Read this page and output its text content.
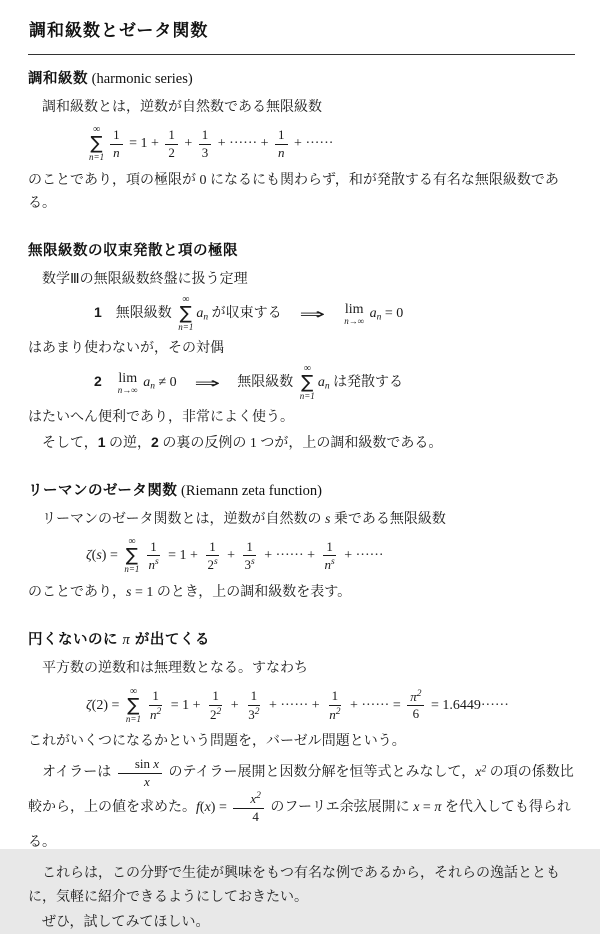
調和級数とゼータ関数
調和級数 (harmonic series)

調和級数とは，逆数が自然数である無限級数

∞
∑
$n=1 \frac{1}{n} = 1 + \frac{1}{2} + \frac{1}{3}$ + ······ + $\frac{1}{n}$ + ······

のことであり，項の極限が 0 になるにも関わらず，和が発散する有名な無限級数である。

無限級数の収束発散と項の極限

数学Ⅲの無限級数終盤に扱う定理

1　無限級数
∞
∑
n=1
an が収束する ⇒ lim
n→∞ an = 0

はあまり使わないが，その対偶

2　 lim
n→∞ an ≠ 0 ⇒ 無限級数
∞
∑
n=1
an は発散する

はたいへん便利であり，非常によく使う。

そして，1 の逆，2 の裏の反例の 1 つが，上の調和級数である。

リーマンのゼータ関数 (Riemann zeta function)

リーマンのゼータ関数とは，逆数が自然数の s 乗である無限級数

ζ(s) =
∞
∑
$n=1 \frac{1}{n^s} = 1 + \frac{1}{2^s} + \frac{1}{3^s}$ + ······ + $\frac{1}{n^s}$ + ······

のことであり，s = 1 のとき，上の調和級数を表す。

円くないのに π が出てくる

平方数の逆数和は無理数となる。すなわち

ζ(2) =
∞
∑
$n=1 \frac{1}{n^2} = 1 + \frac{1}{2^2} + \frac{1}{3^2}$ + ······ + $\frac{1}{n^2}$ + ······ = $\frac{\pi^2}{6} = 1.6449\cdot\cdot\cdot\cdot\cdot\cdot$

これがいくつになるかという問題を，バーゼル問題という。

オイラーは $\frac{\text{sin x}}{x}$ のテイラー展開と因数分解を恒等式とみなして，$x^2$ の項の係数比較から，上の値を求めた。$f(x) = \frac{x^2}{4}$ のフーリエ余弦展開に x = π を代入しても得られる。

これらは，この分野で生徒が興味をもつ有名な例であるから，それらの逸話とともに，気軽に紹介できるようにしておきたい。

ぜひ，試してみてほしい。
